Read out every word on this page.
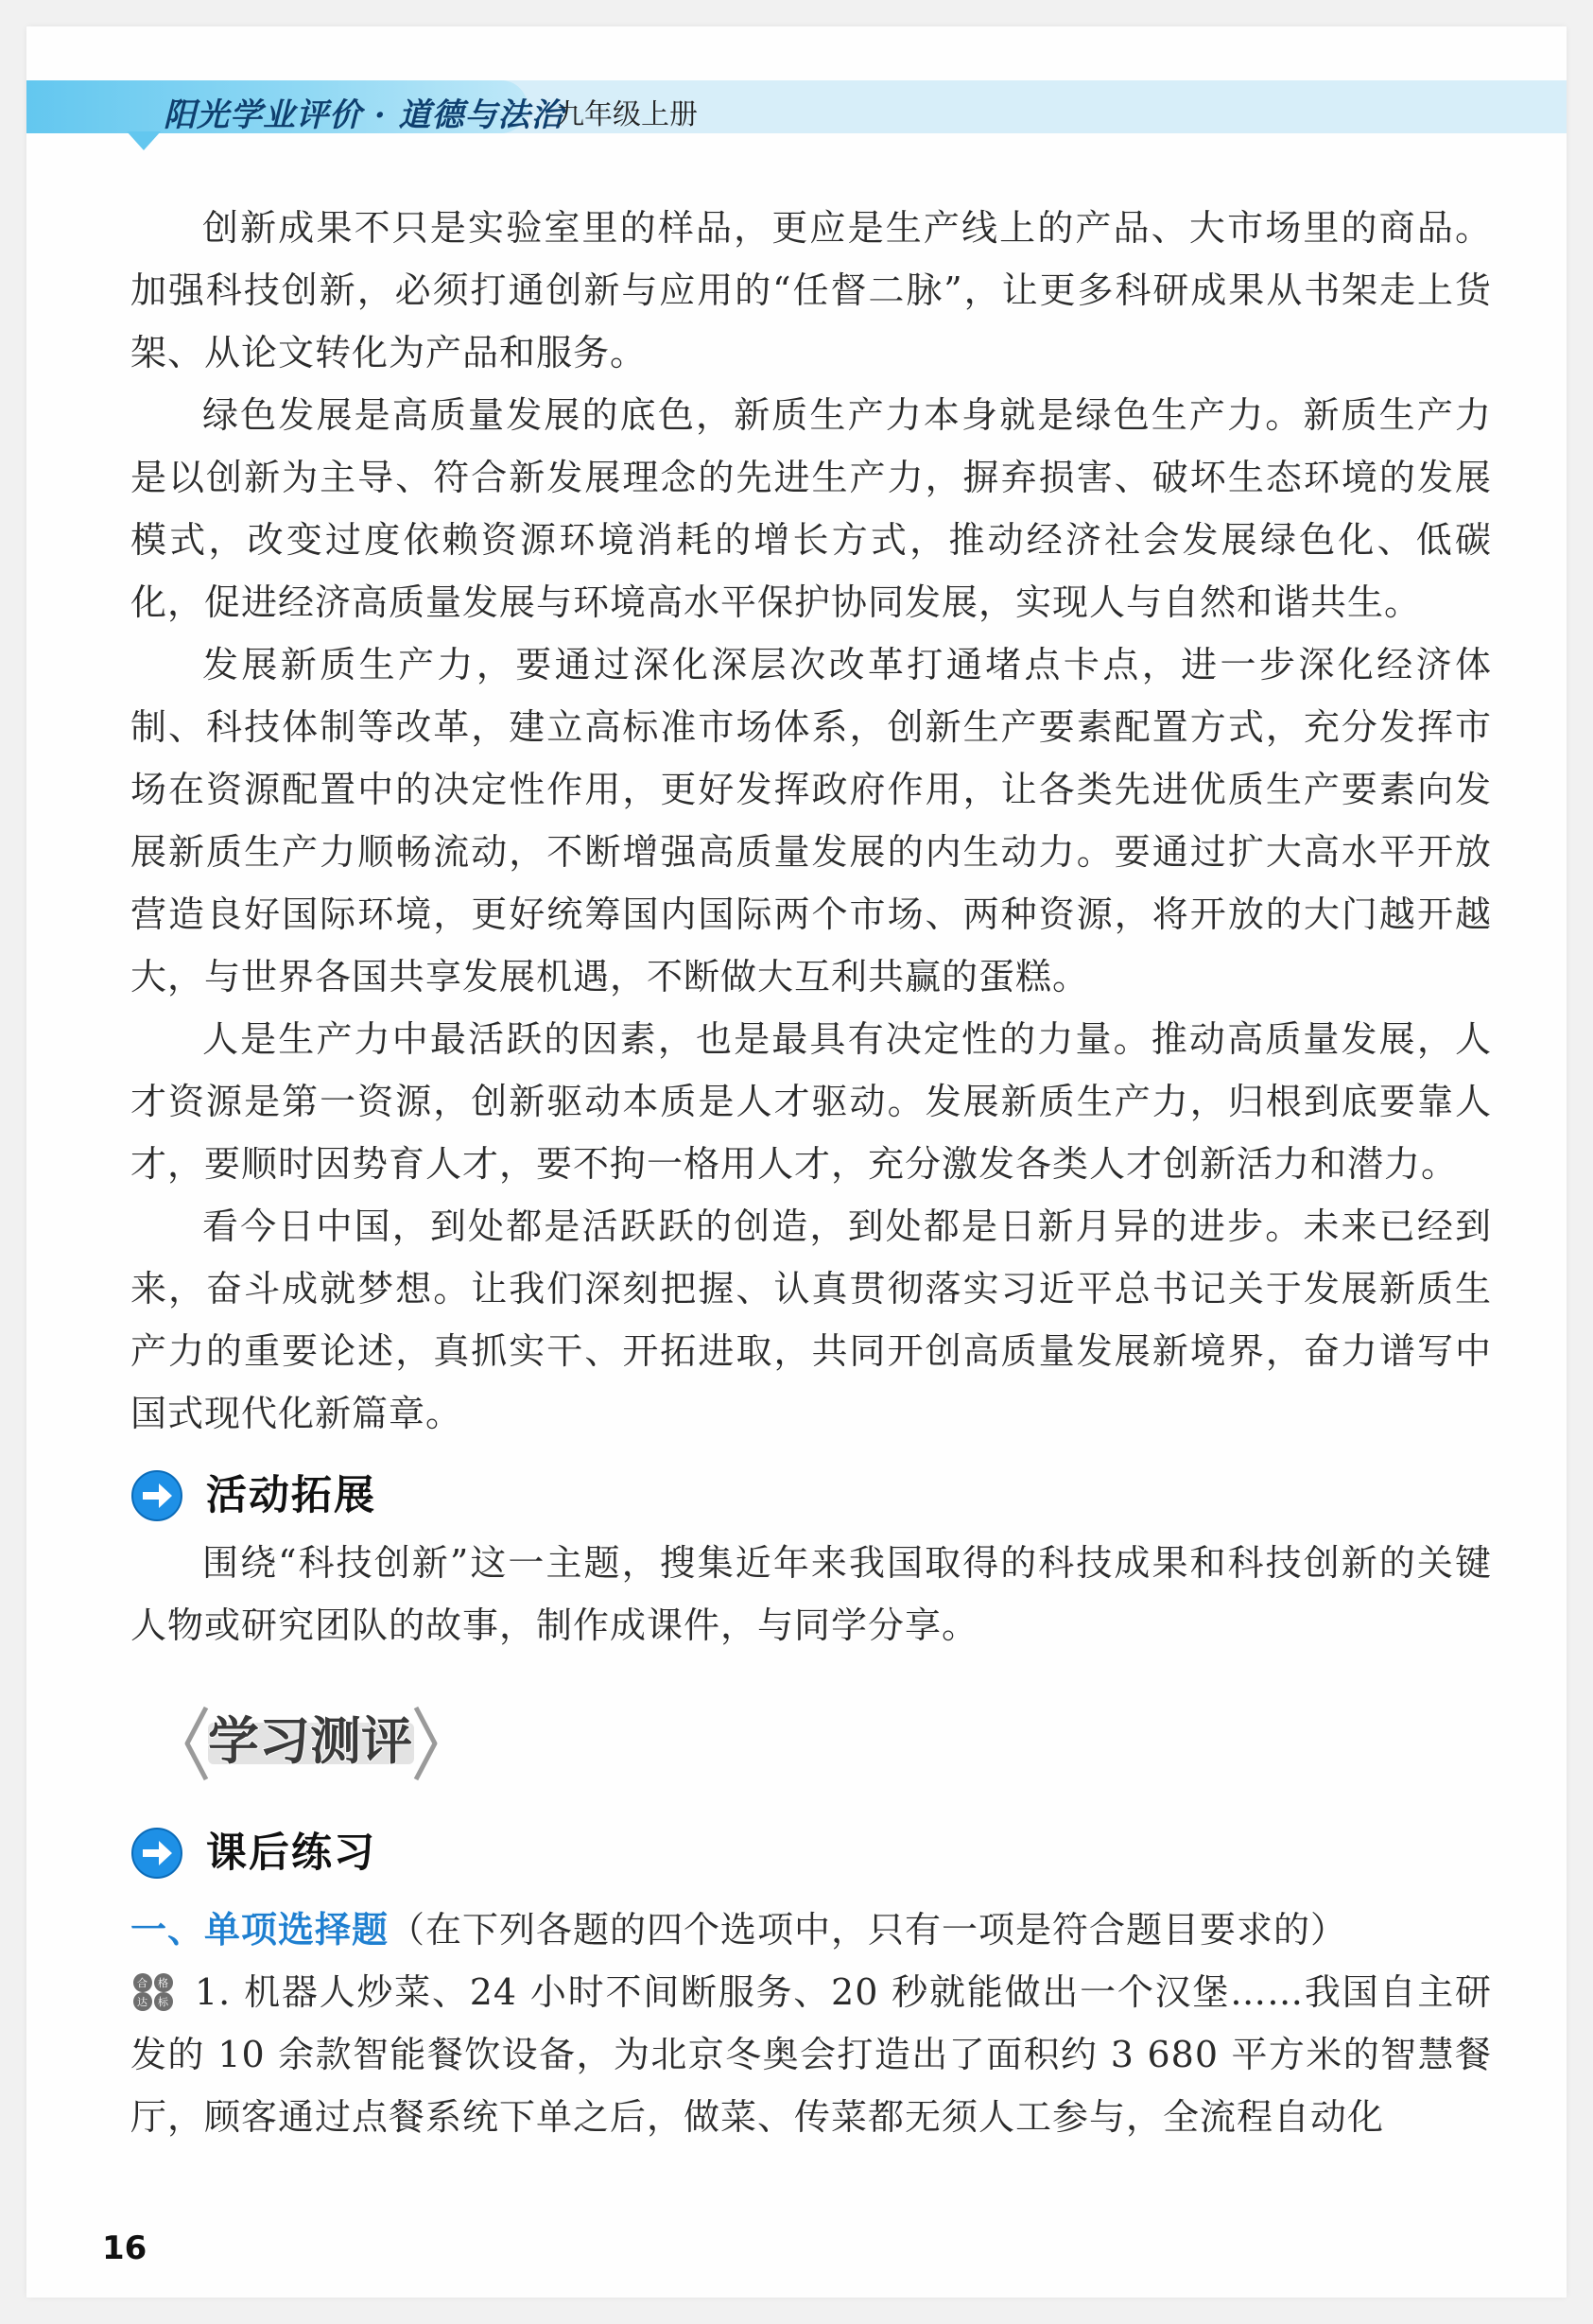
阳光学业评价 · 道德与法治
九年级上册

创新成果不只是实验室里的样品，更应是生产线上的产品、大市场里的商品。加强科技创新，必须打通创新与应用的“任督二脉”，让更多科研成果从书架走上货架、从论文转化为产品和服务。

绿色发展是高质量发展的底色，新质生产力本身就是绿色生产力。新质生产力是以创新为主导、符合新发展理念的先进生产力，摒弃损害、破坏生态环境的发展模式，改变过度依赖资源环境消耗的增长方式，推动经济社会发展绿色化、低碳化，促进经济高质量发展与环境高水平保护协同发展，实现人与自然和谐共生。

发展新质生产力，要通过深化深层次改革打通堵点卡点，进一步深化经济体制、科技体制等改革，建立高标准市场体系，创新生产要素配置方式，充分发挥市场在资源配置中的决定性作用，更好发挥政府作用，让各类先进优质生产要素向发展新质生产力顺畅流动，不断增强高质量发展的内生动力。要通过扩大高水平开放营造良好国际环境，更好统筹国内国际两个市场、两种资源，将开放的大门越开越大，与世界各国共享发展机遇，不断做大互利共赢的蛋糕。

人是生产力中最活跃的因素，也是最具有决定性的力量。推动高质量发展，人才资源是第一资源，创新驱动本质是人才驱动。发展新质生产力，归根到底要靠人才，要顺时因势育人才，要不拘一格用人才，充分激发各类人才创新活力和潜力。

看今日中国，到处都是活跃跃的创造，到处都是日新月异的进步。未来已经到来，奋斗成就梦想。让我们深刻把握、认真贯彻落实习近平总书记关于发展新质生产力的重要论述，真抓实干、开拓进取，共同开创高质量发展新境界，奋力谱写中国式现代化新篇章。

活动拓展

围绕“科技创新”这一主题，搜集近年来我国取得的科技成果和科技创新的关键人物或研究团队的故事，制作成课件，与同学分享。

学习测评
课后练习

一、单项选择题（在下列各题的四个选项中，只有一项是符合题目要求的）

合 格
达 标 1. 机器人炒菜、24 小时不间断服务、20 秒就能做出一个汉堡……我国自主研发的 10 余款智能餐饮设备，为北京冬奥会打造出了面积约 3 680 平方米的智慧餐厅，顾客通过点餐系统下单之后，做菜、传菜都无须人工参与，全流程自动化

16
